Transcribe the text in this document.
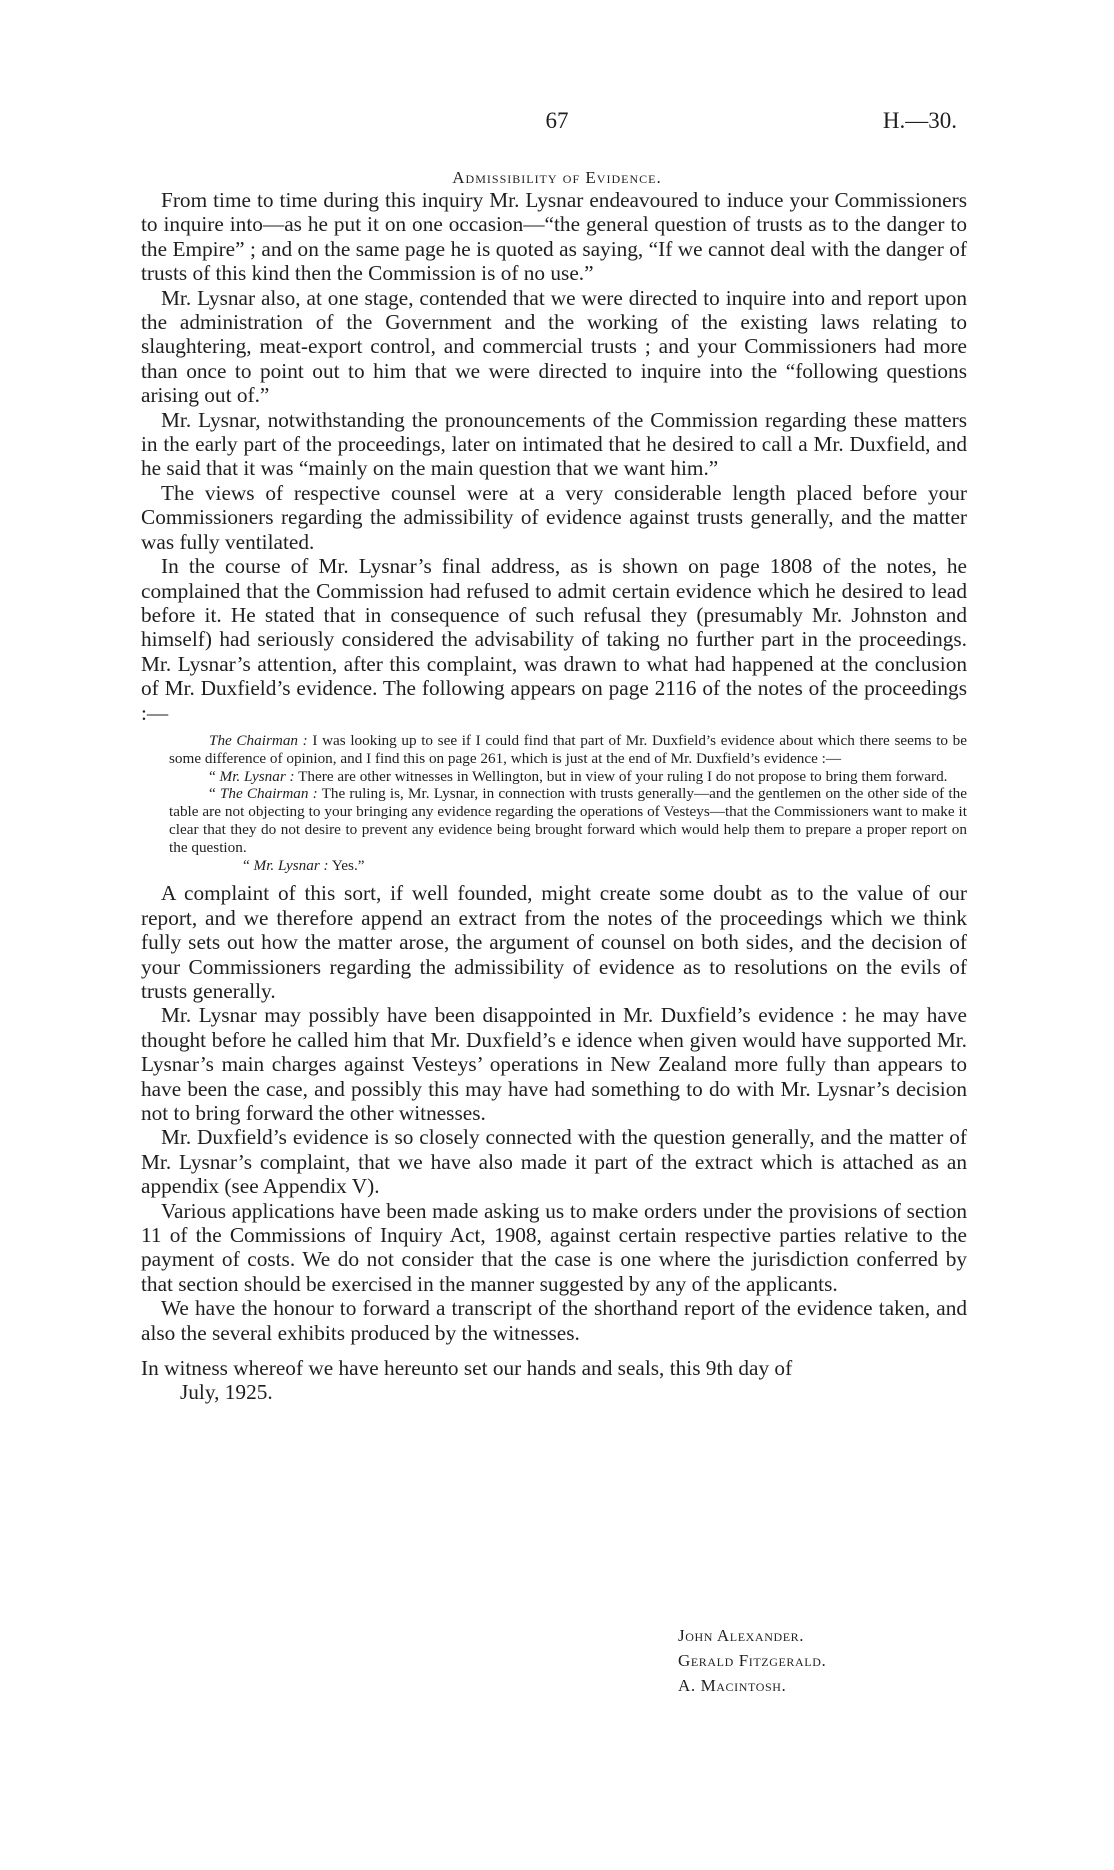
67	H.—30.
Admissibility of Evidence.

From time to time during this inquiry Mr. Lysnar endeavoured to induce your Commissioners to inquire into—as he put it on one occasion—“the general question of trusts as to the danger to the Empire” ; and on the same page he is quoted as saying, “If we cannot deal with the danger of trusts of this kind then the Commission is of no use.”

Mr. Lysnar also, at one stage, contended that we were directed to inquire into and report upon the administration of the Government and the working of the existing laws relating to slaughtering, meat-export control, and commercial trusts ; and your Commissioners had more than once to point out to him that we were directed to inquire into the “following questions arising out of.”

Mr. Lysnar, notwithstanding the pronouncements of the Commission regarding these matters in the early part of the proceedings, later on intimated that he desired to call a Mr. Duxfield, and he said that it was “mainly on the main question that we want him.”

The views of respective counsel were at a very considerable length placed before your Commissioners regarding the admissibility of evidence against trusts generally, and the matter was fully ventilated.

In the course of Mr. Lysnar’s final address, as is shown on page 1808 of the notes, he complained that the Commission had refused to admit certain evidence which he desired to lead before it. He stated that in consequence of such refusal they (presumably Mr. Johnston and himself) had seriously considered the advisability of taking no further part in the proceedings. Mr. Lysnar’s attention, after this complaint, was drawn to what had happened at the conclusion of Mr. Duxfield’s evidence. The following appears on page 2116 of the notes of the proceedings :—

The Chairman : I was looking up to see if I could find that part of Mr. Duxfield’s evidence about which there seems to be some difference of opinion, and I find this on page 261, which is just at the end of Mr. Duxfield’s evidence :—

“ Mr. Lysnar : There are other witnesses in Wellington, but in view of your ruling I do not propose to bring them forward.

“ The Chairman : The ruling is, Mr. Lysnar, in connection with trusts generally—and the gentlemen on the other side of the table are not objecting to your bringing any evidence regarding the operations of Vesteys—that the Commissioners want to make it clear that they do not desire to prevent any evidence being brought forward which would help them to prepare a proper report on the question.

“ Mr. Lysnar : Yes.”

A complaint of this sort, if well founded, might create some doubt as to the value of our report, and we therefore append an extract from the notes of the proceedings which we think fully sets out how the matter arose, the argument of counsel on both sides, and the decision of your Commissioners regarding the admissibility of evidence as to resolutions on the evils of trusts generally.

Mr. Lysnar may possibly have been disappointed in Mr. Duxfield’s evidence : he may have thought before he called him that Mr. Duxfield’s e idence when given would have supported Mr. Lysnar’s main charges against Vesteys’ operations in New Zealand more fully than appears to have been the case, and possibly this may have had something to do with Mr. Lysnar’s decision not to bring forward the other witnesses.

Mr. Duxfield’s evidence is so closely connected with the question generally, and the matter of Mr. Lysnar’s complaint, that we have also made it part of the extract which is attached as an appendix (see Appendix V).

Various applications have been made asking us to make orders under the provisions of section 11 of the Commissions of Inquiry Act, 1908, against certain respective parties relative to the payment of costs. We do not consider that the case is one where the jurisdiction conferred by that section should be exercised in the manner suggested by any of the applicants.

We have the honour to forward a transcript of the shorthand report of the evidence taken, and also the several exhibits produced by the witnesses.

In witness whereof we have hereunto set our hands and seals, this 9th day of
July, 1925.
John Alexander.
Gerald Fitzgerald.
A. Macintosh.
